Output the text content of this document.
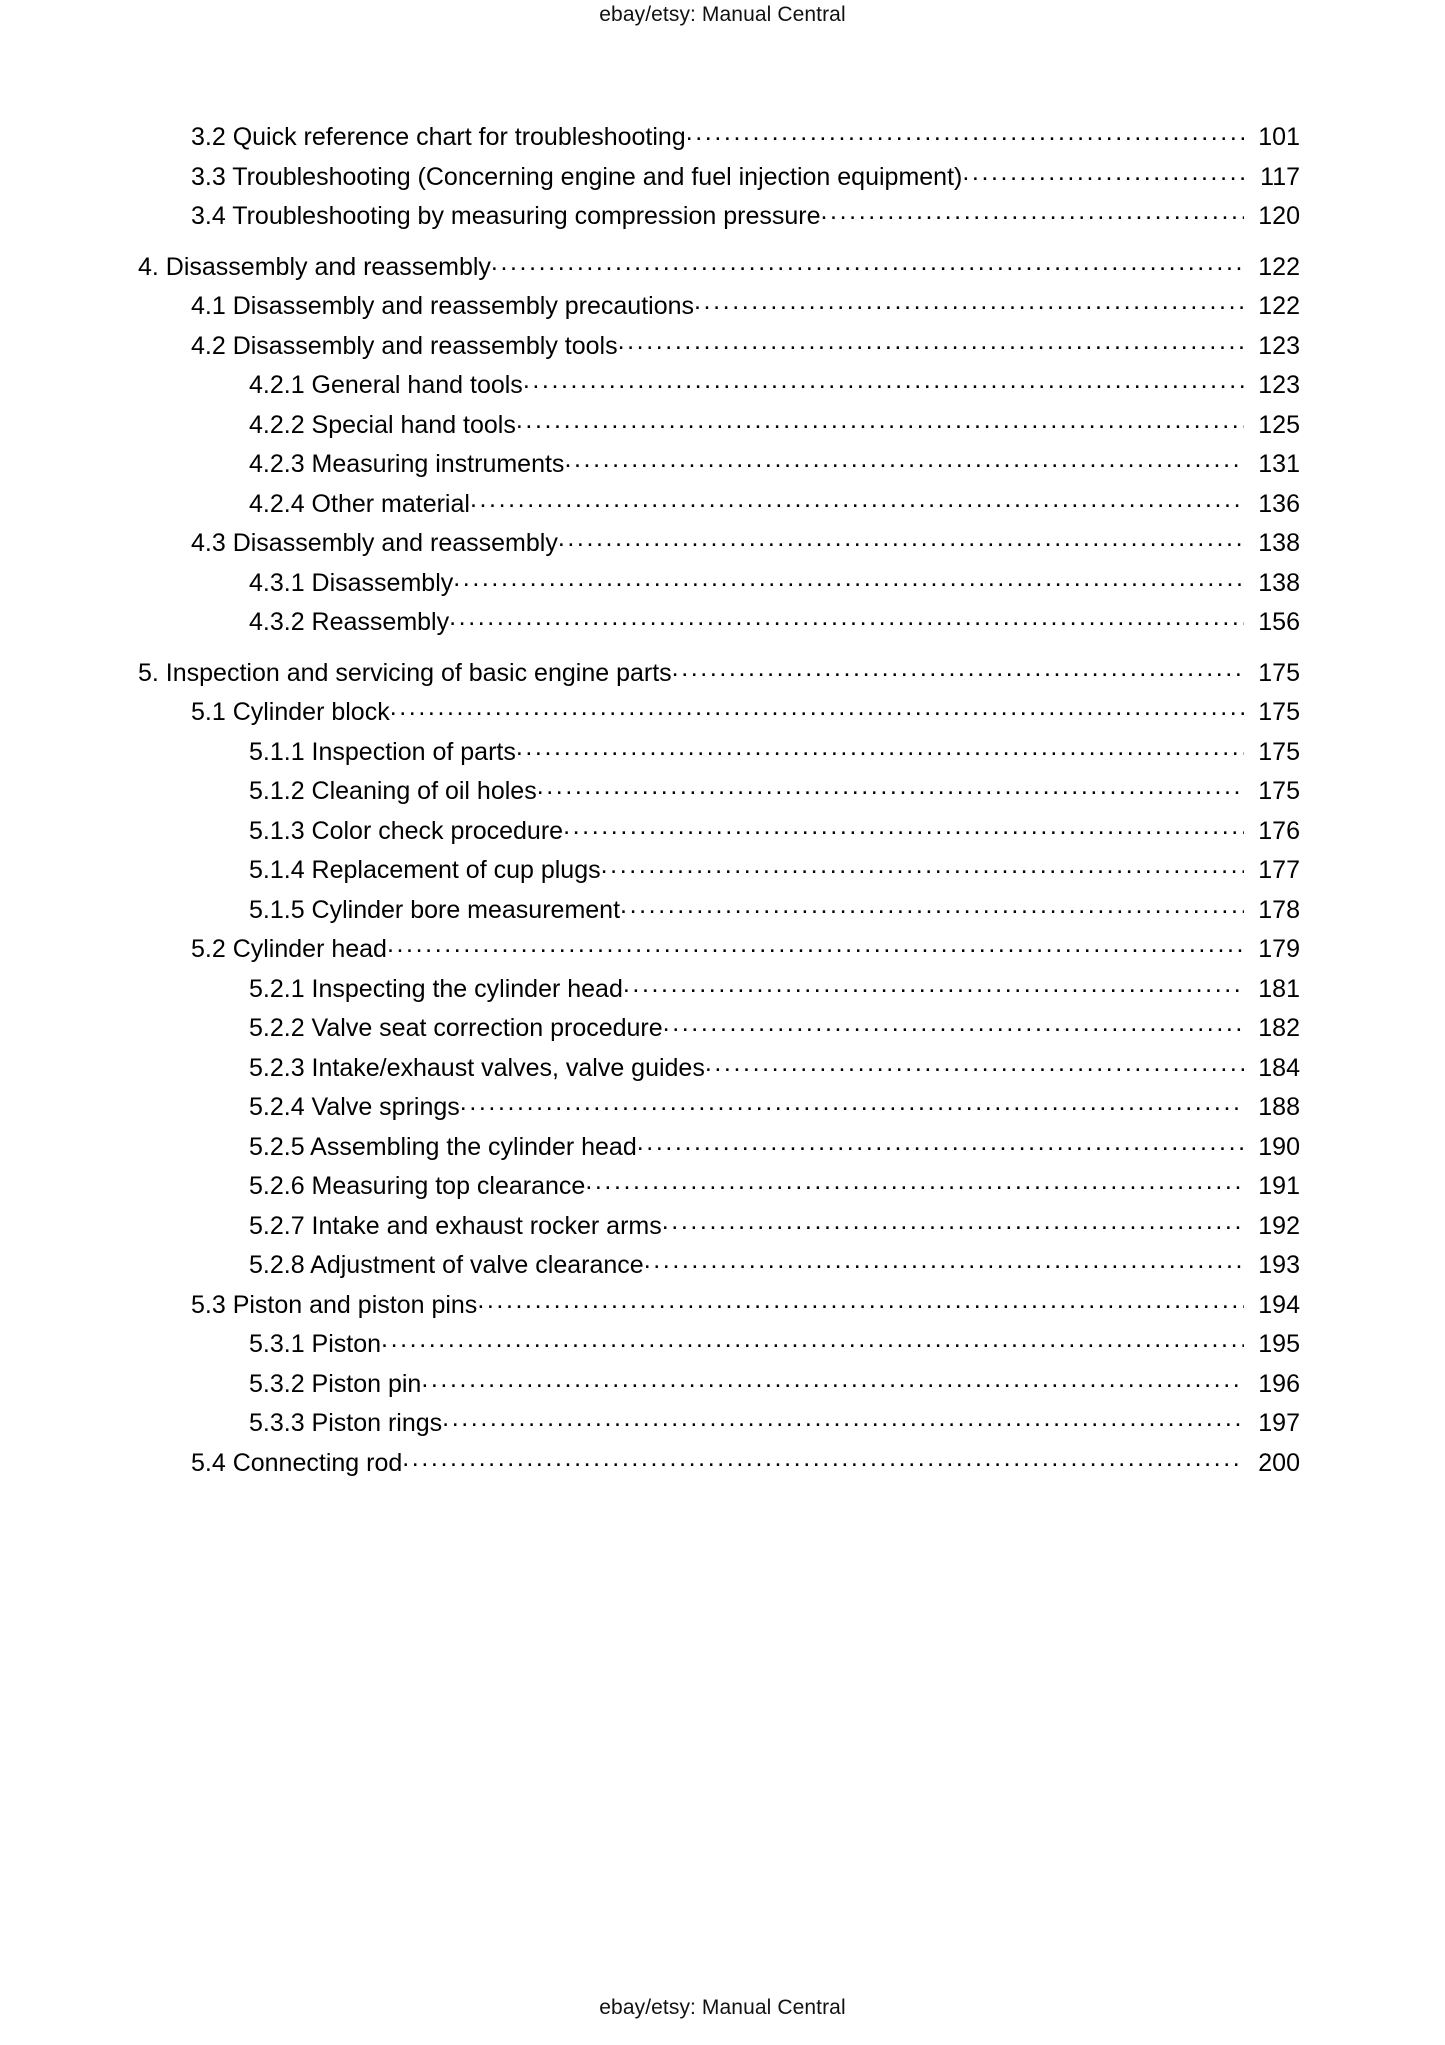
ebay/etsy: Manual Central
3.2 Quick reference chart for troubleshooting .....	101
3.3 Troubleshooting (Concerning engine and fuel injection equipment) .....	117
3.4 Troubleshooting by measuring compression pressure .....	120
4. Disassembly and reassembly .....	122
4.1 Disassembly and reassembly precautions .....	122
4.2 Disassembly and reassembly tools .....	123
4.2.1 General hand tools .....	123
4.2.2 Special hand tools .....	125
4.2.3 Measuring instruments .....	131
4.2.4 Other material .....	136
4.3 Disassembly and reassembly .....	138
4.3.1 Disassembly .....	138
4.3.2 Reassembly .....	156
5. Inspection and servicing of basic engine parts .....	175
5.1 Cylinder block .....	175
5.1.1 Inspection of parts .....	175
5.1.2 Cleaning of oil holes .....	175
5.1.3 Color check procedure .....	176
5.1.4 Replacement of cup plugs .....	177
5.1.5 Cylinder bore measurement .....	178
5.2 Cylinder head .....	179
5.2.1 Inspecting the cylinder head .....	181
5.2.2 Valve seat correction procedure .....	182
5.2.3 Intake/exhaust valves, valve guides .....	184
5.2.4 Valve springs .....	188
5.2.5 Assembling the cylinder head .....	190
5.2.6 Measuring top clearance .....	191
5.2.7 Intake and exhaust rocker arms .....	192
5.2.8 Adjustment of valve clearance .....	193
5.3 Piston and piston pins .....	194
5.3.1 Piston .....	195
5.3.2 Piston pin .....	196
5.3.3 Piston rings .....	197
5.4 Connecting rod .....	200
ebay/etsy: Manual Central
